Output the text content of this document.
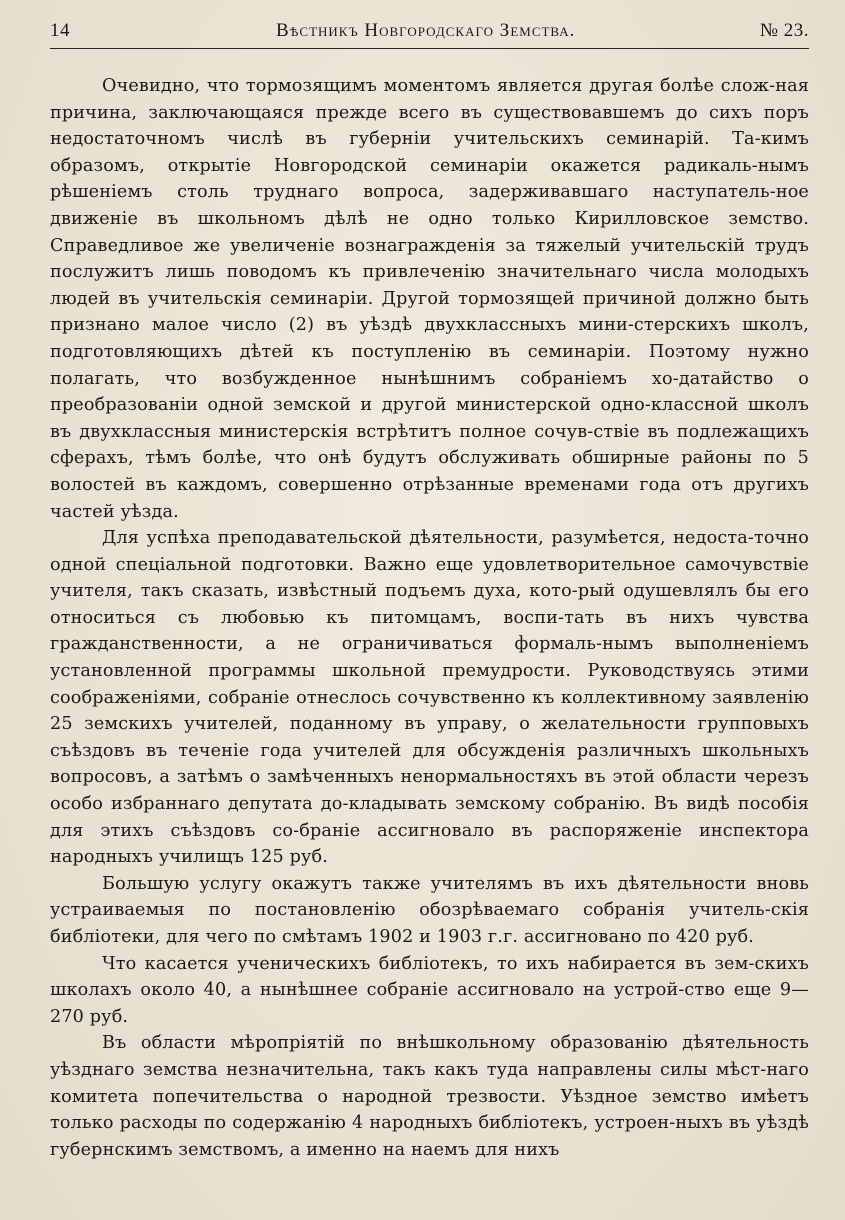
14	Вѣстникъ Новгородскаго Земства.	№ 23.

Очевидно, что тормозящимъ моментомъ является другая болѣе слож-ная причина, заключающаяся прежде всего въ существовавшемъ до сихъ поръ недостаточномъ числѣ въ губерніи учительскихъ семинарій. Та-кимъ образомъ, открытіе Новгородской семинаріи окажется радикаль-нымъ рѣшеніемъ столь труднаго вопроса, задерживавшаго наступатель-ное движеніе въ школьномъ дѣлѣ не одно только Кирилловское земство. Справедливое же увеличеніе вознагражденія за тяжелый учительскій трудъ послужитъ лишь поводомъ къ привлеченію значительнаго числа молодыхъ людей въ учительскія семинаріи. Другой тормозящей причиной должно быть признано малое число (2) въ уѣздѣ двухклассныхъ мини-стерскихъ школъ, подготовляющихъ дѣтей къ поступленію въ семинаріи. Поэтому нужно полагать, что возбужденное нынѣшнимъ собраніемъ хо-датайство о преобразованіи одной земской и другой министерской одно-классной школъ въ двухклассныя министерскія встрѣтитъ полное сочув-ствіе въ подлежащихъ сферахъ, тѣмъ болѣе, что онѣ будутъ обслуживать обширные районы по 5 волостей въ каждомъ, совершенно отрѣзанные временами года отъ другихъ частей уѣзда.

Для успѣха преподавательской дѣятельности, разумѣется, недоста-точно одной спеціальной подготовки. Важно еще удовлетворительное самочувствіе учителя, такъ сказать, извѣстный подъемъ духа, кото-рый одушевлялъ бы его относиться съ любовью къ питомцамъ, воспи-тать въ нихъ чувства гражданственности, а не ограничиваться формаль-нымъ выполненіемъ установленной программы школьной премудрости. Руководствуясь этими соображеніями, собраніе отнеслось сочувственно къ коллективному заявленію 25 земскихъ учителей, поданному въ управу, о желательности групповыхъ съѣздовъ въ теченіе года учителей для обсужденія различныхъ школьныхъ вопросовъ, а затѣмъ о замѣченныхъ ненормальностяхъ въ этой области черезъ особо избраннаго депутата до-кладывать земскому собранію. Въ видѣ пособія для этихъ съѣздовъ со-браніе ассигновало въ распоряженіе инспектора народныхъ училищъ 125 руб.

Большую услугу окажутъ также учителямъ въ ихъ дѣятельности вновь устраиваемыя по постановленію обозрѣваемаго собранія учитель-скія библіотеки, для чего по смѣтамъ 1902 и 1903 г.г. ассигновано по 420 руб.

Что касается ученическихъ библіотекъ, то ихъ набирается въ зем-скихъ школахъ около 40, а нынѣшнее собраніе ассигновало на устрой-ство еще 9—270 руб.

Въ области мѣропріятій по внѣшкольному образованію дѣятельность уѣзднаго земства незначительна, такъ какъ туда направлены силы мѣст-наго комитета попечительства о народной трезвости. Уѣздное земство имѣетъ только расходы по содержанію 4 народныхъ библіотекъ, устроен-ныхъ въ уѣздѣ губернскимъ земствомъ, а именно на наемъ для нихъ
